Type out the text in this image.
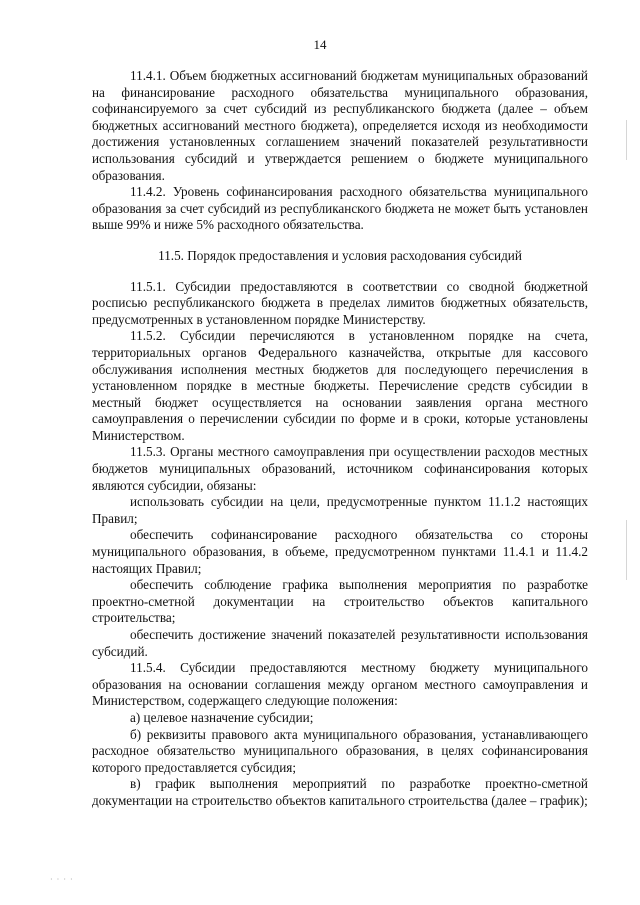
14

11.4.1. Объем бюджетных ассигнований бюджетам муниципальных образований на финансирование расходного обязательства муниципального образования, софинансируемого за счет субсидий из республиканского бюджета (далее – объем бюджетных ассигнований местного бюджета), определяется исходя из необходимости достижения установленных соглашением значений показателей результативности использования субсидий и утверждается решением о бюджете муниципального образования.

11.4.2. Уровень софинансирования расходного обязательства муниципального образования за счет субсидий из республиканского бюджета не может быть установлен выше 99% и ниже 5% расходного обязательства.

11.5. Порядок предоставления и условия расходования субсидий

11.5.1. Субсидии предоставляются в соответствии со сводной бюджетной росписью республиканского бюджета в пределах лимитов бюджетных обязательств, предусмотренных в установленном порядке Министерству.

11.5.2. Субсидии перечисляются в установленном порядке на счета, территориальных органов Федерального казначейства, открытые для кассового обслуживания исполнения местных бюджетов для последующего перечисления в установленном порядке в местные бюджеты. Перечисление средств субсидии в местный бюджет осуществляется на основании заявления органа местного самоуправления о перечислении субсидии по форме и в сроки, которые установлены Министерством.

11.5.3. Органы местного самоуправления при осуществлении расходов местных бюджетов муниципальных образований, источником софинансирования которых являются субсидии, обязаны:

использовать субсидии на цели, предусмотренные пунктом 11.1.2 настоящих Правил;

обеспечить софинансирование расходного обязательства со стороны муниципального образования, в объеме, предусмотренном пунктами 11.4.1 и 11.4.2 настоящих Правил;

обеспечить соблюдение графика выполнения мероприятия по разработке проектно-сметной документации на строительство объектов капитального строительства;

обеспечить достижение значений показателей результативности использования субсидий.

11.5.4. Субсидии предоставляются местному бюджету муниципального образования на основании соглашения между органом местного самоуправления и Министерством, содержащего следующие положения:

а) целевое назначение субсидии;

б) реквизиты правового акта муниципального образования, устанавливающего расходное обязательство муниципального образования, в целях софинансирования которого предоставляется субсидия;

в) график выполнения мероприятий по разработке проектно-сметной документации на строительство объектов капитального строительства (далее – график);

· · · ·
